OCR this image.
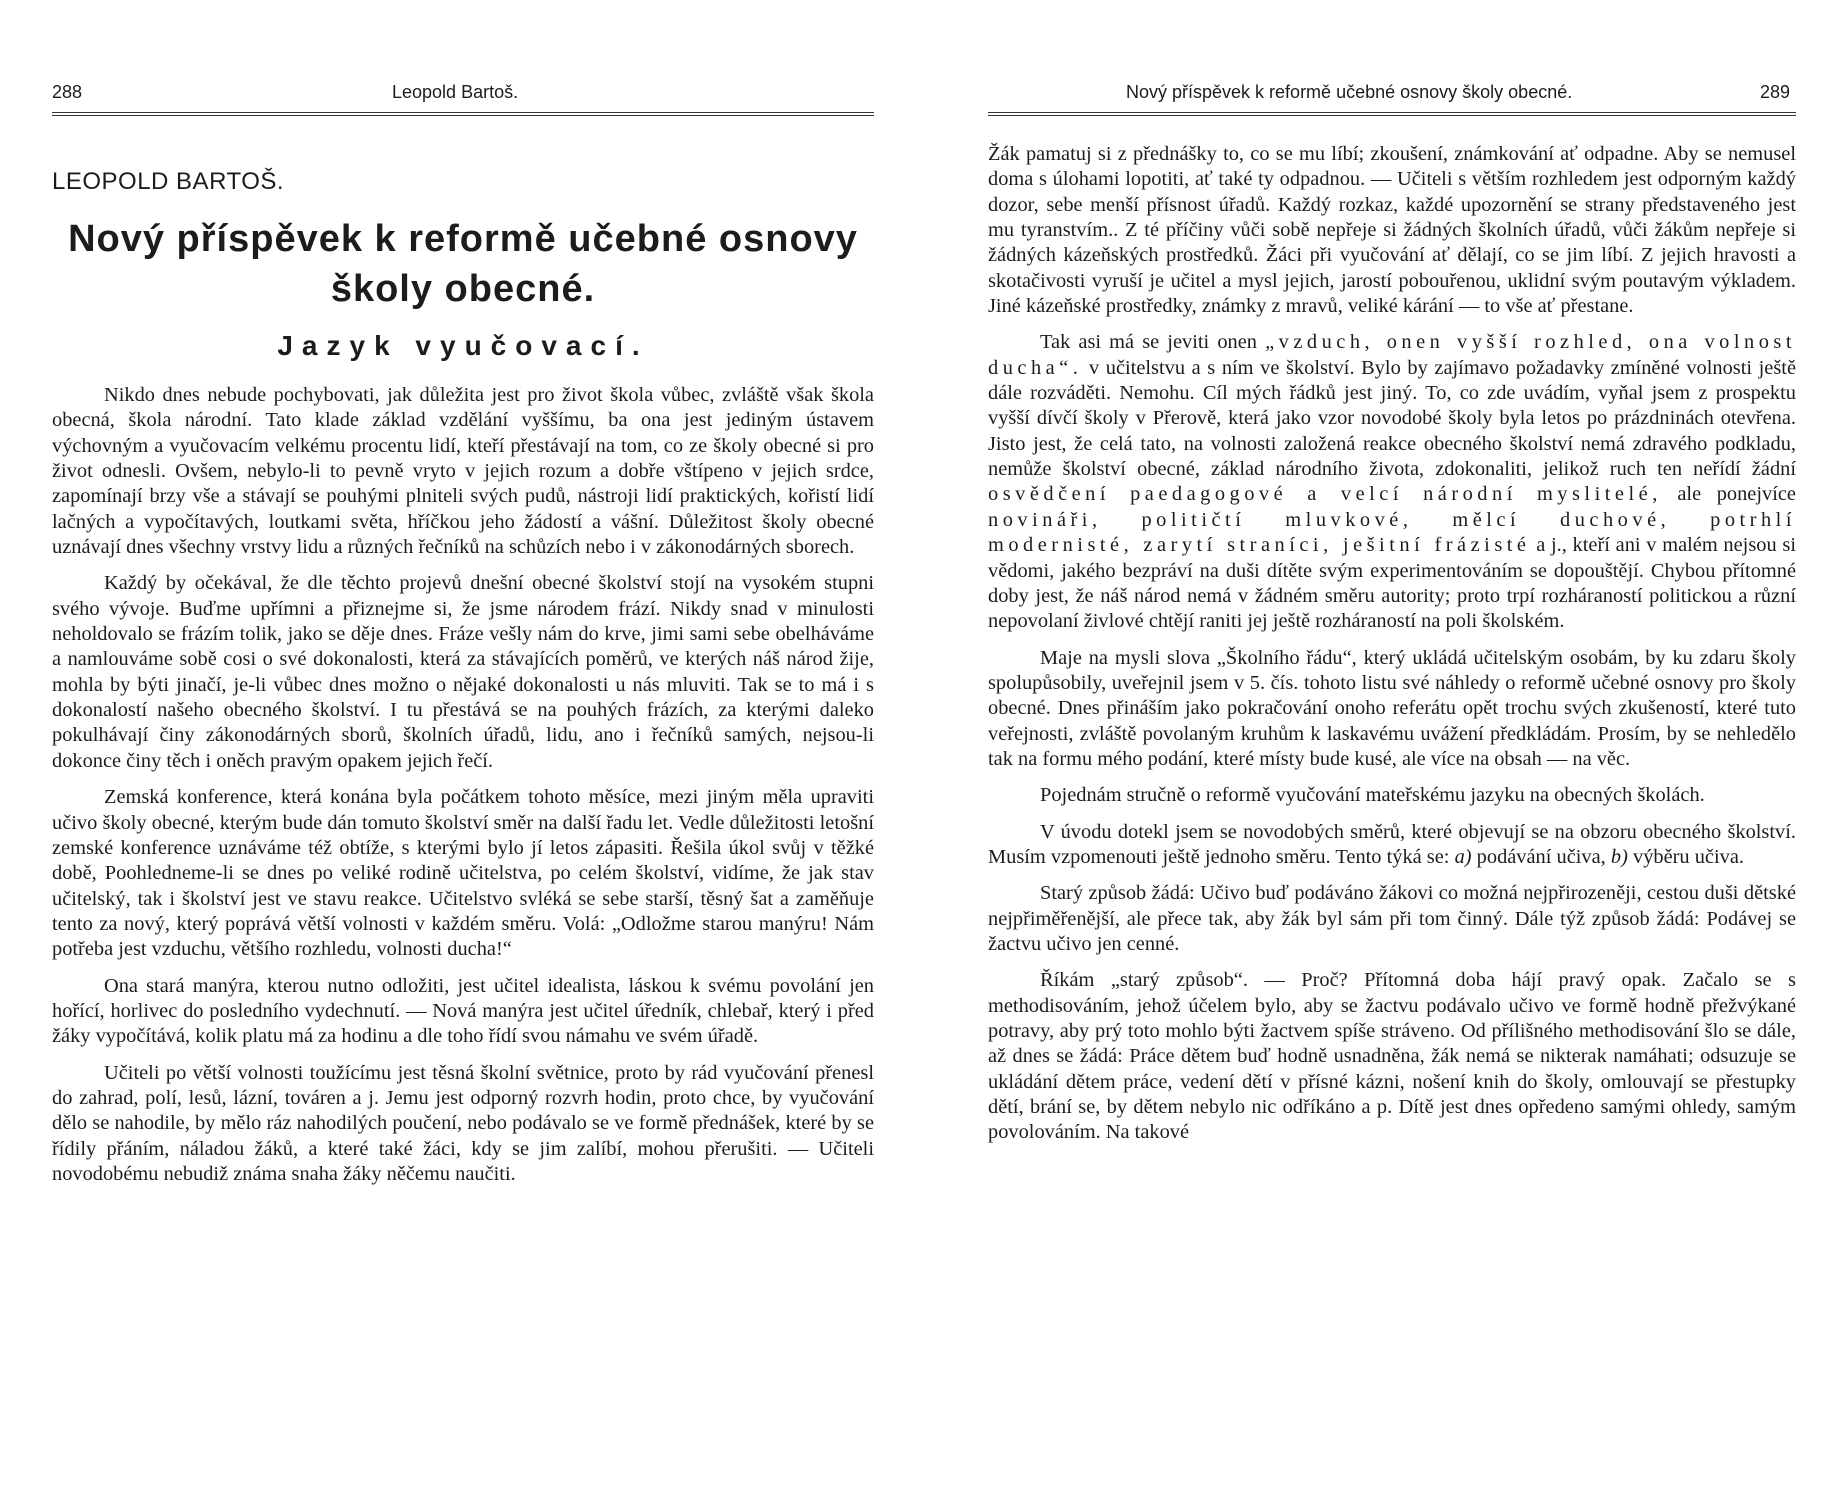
288	Leopold Bartoš.
LEOPOLD BARTOŠ.
Nový příspěvek k reformě učebné osnovy
školy obecné.
Jazyk vyučovací.

Nikdo dnes nebude pochybovati, jak důležita jest pro život škola vůbec, zvláště však škola obecná, škola národní. Tato klade základ vzdělání vyššímu, ba ona jest jediným ústavem výchovným a vyučovacím velkému procentu lidí, kteří přestávají na tom, co ze školy obecné si pro život odnesli. Ovšem, nebylo-li to pevně vryto v jejich rozum a dobře vštípeno v jejich srdce, zapomínají brzy vše a stávají se pouhými plniteli svých pudů, nástroji lidí praktických, kořistí lidí lačných a vypočítavých, loutkami světa, hříčkou jeho žádostí a vášní. Důležitost školy obecné uznávají dnes všechny vrstvy lidu a různých řečníků na schůzích nebo i v zákonodárných sborech.

Každý by očekával, že dle těchto projevů dnešní obecné školství stojí na vysokém stupni svého vývoje. Buďme upřímni a přiznejme si, že jsme národem frází. Nikdy snad v minulosti neholdovalo se frázím tolik, jako se děje dnes. Fráze vešly nám do krve, jimi sami sebe obelháváme a namlouváme sobě cosi o své dokonalosti, která za stávajících poměrů, ve kterých náš národ žije, mohla by býti jinačí, je-li vůbec dnes možno o nějaké dokonalosti u nás mluviti. Tak se to má i s dokonalostí našeho obecného školství. I tu přestává se na pouhých frázích, za kterými daleko pokulhávají činy zákonodárných sborů, školních úřadů, lidu, ano i řečníků samých, nejsou-li dokonce činy těch i oněch pravým opakem jejich řečí.

Zemská konference, která konána byla počátkem tohoto měsíce, mezi jiným měla upraviti učivo školy obecné, kterým bude dán tomuto školství směr na další řadu let. Vedle důležitosti letošní zemské konference uznáváme též obtíže, s kterými bylo jí letos zápasiti. Řešila úkol svůj v těžké době, Poohledneme-li se dnes po veliké rodině učitelstva, po celém školství, vidíme, že jak stav učitelský, tak i školství jest ve stavu reakce. Učitelstvo svléká se sebe starší, těsný šat a zaměňuje tento za nový, který poprává větší volnosti v každém směru. Volá: „Odložme starou manýru! Nám potřeba jest vzduchu, většího rozhledu, volnosti ducha!“

Ona stará manýra, kterou nutno odložiti, jest učitel idealista, láskou k svému povolání jen hořící, horlivec do posledního vydechnutí. — Nová manýra jest učitel úředník, chlebař, který i před žáky vypočítává, kolik platu má za hodinu a dle toho řídí svou námahu ve svém úřadě.

Učiteli po větší volnosti toužícímu jest těsná školní světnice, proto by rád vyučování přenesl do zahrad, polí, lesů, lázní, továren a j. Jemu jest odporný rozvrh hodin, proto chce, by vyučování dělo se nahodile, by mělo ráz nahodilých poučení, nebo podávalo se ve formě přednášek, které by se řídily přáním, náladou žáků, a které také žáci, kdy se jim zalíbí, mohou přerušiti. — Učiteli novodobému nebudiž známa snaha žáky něčemu naučiti.

Nový příspěvek k reformě učebné osnovy školy obecné.	289

Žák pamatuj si z přednášky to, co se mu líbí; zkoušení, známkování ať odpadne. Aby se nemusel doma s úlohami lopotiti, ať také ty odpadnou. — Učiteli s větším rozhledem jest odporným každý dozor, sebe menší přísnost úřadů. Každý rozkaz, každé upozornění se strany představeného jest mu tyranstvím.. Z té příčiny vůči sobě nepřeje si žádných školních úřadů, vůči žákům nepřeje si žádných kázeňských prostředků. Žáci při vyučování ať dělají, co se jim líbí. Z jejich hravosti a skotačivosti vyruší je učitel a mysl jejich, jarostí pobouřenou, uklidní svým poutavým výkladem. Jiné kázeňské prostředky, známky z mravů, veliké kárání — to vše ať přestane.

Tak asi má se jeviti onen „vzduch, onen vyšší rozhled, ona volnost ducha“. v učitelstvu a s ním ve školství. Bylo by zajímavo požadavky zmíněné volnosti ještě dále rozváděti. Nemohu. Cíl mých řádků jest jiný. To, co zde uvádím, vyňal jsem z prospektu vyšší dívčí školy v Přerově, která jako vzor novodobé školy byla letos po prázdninách otevřena. Jisto jest, že celá tato, na volnosti založená reakce obecného školství nemá zdravého podkladu, nemůže školství obecné, základ národního života, zdokonaliti, jelikož ruch ten neřídí žádní osvědčení paedagogové a velcí národní myslitelé, ale ponejvíce novináři, političtí mluvkové, mělcí duchové, potrhlí modernisté, zarytí straníci, ješitní frázisté a j., kteří ani v malém nejsou si vědomi, jakého bezpráví na duši dítěte svým experimentováním se dopouštějí. Chybou přítomné doby jest, že náš národ nemá v žádném směru autority; proto trpí rozháraností politickou a různí nepovolaní živlové chtějí raniti jej ještě rozháraností na poli školském.

Maje na mysli slova „Školního řádu“, který ukládá učitelským osobám, by ku zdaru školy spolupůsobily, uveřejnil jsem v 5. čís. tohoto listu své náhledy o reformě učebné osnovy pro školy obecné. Dnes přináším jako pokračování onoho referátu opět trochu svých zkušeností, které tuto veřejnosti, zvláště povolaným kruhům k laskavému uvážení předkládám. Prosím, by se nehledělo tak na formu mého podání, které místy bude kusé, ale více na obsah — na věc.

Pojednám stručně o reformě vyučování mateřskému jazyku na obecných školách.

V úvodu dotekl jsem se novodobých směrů, které objevují se na obzoru obecného školství. Musím vzpomenouti ještě jednoho směru. Tento týká se: a) podávání učiva, b) výběru učiva.

Starý způsob žádá: Učivo buď podáváno žákovi co možná nejpřirozeněji, cestou duši dětské nejpřiměřenější, ale přece tak, aby žák byl sám při tom činný. Dále týž způsob žádá: Podávej se žactvu učivo jen cenné.

Říkám „starý způsob“. — Proč? Přítomná doba hájí pravý opak. Začalo se s methodisováním, jehož účelem bylo, aby se žactvu podávalo učivo ve formě hodně přežvýkané potravy, aby prý toto mohlo býti žactvem spíše stráveno. Od přílišného methodisování šlo se dále, až dnes se žádá: Práce dětem buď hodně usnadněna, žák nemá se nikterak namáhati; odsuzuje se ukládání dětem práce, vedení dětí v přísné kázni, nošení knih do školy, omlouvají se přestupky dětí, brání se, by dětem nebylo nic odříkáno a p. Dítě jest dnes opředeno samými ohledy, samým povolováním. Na takové
